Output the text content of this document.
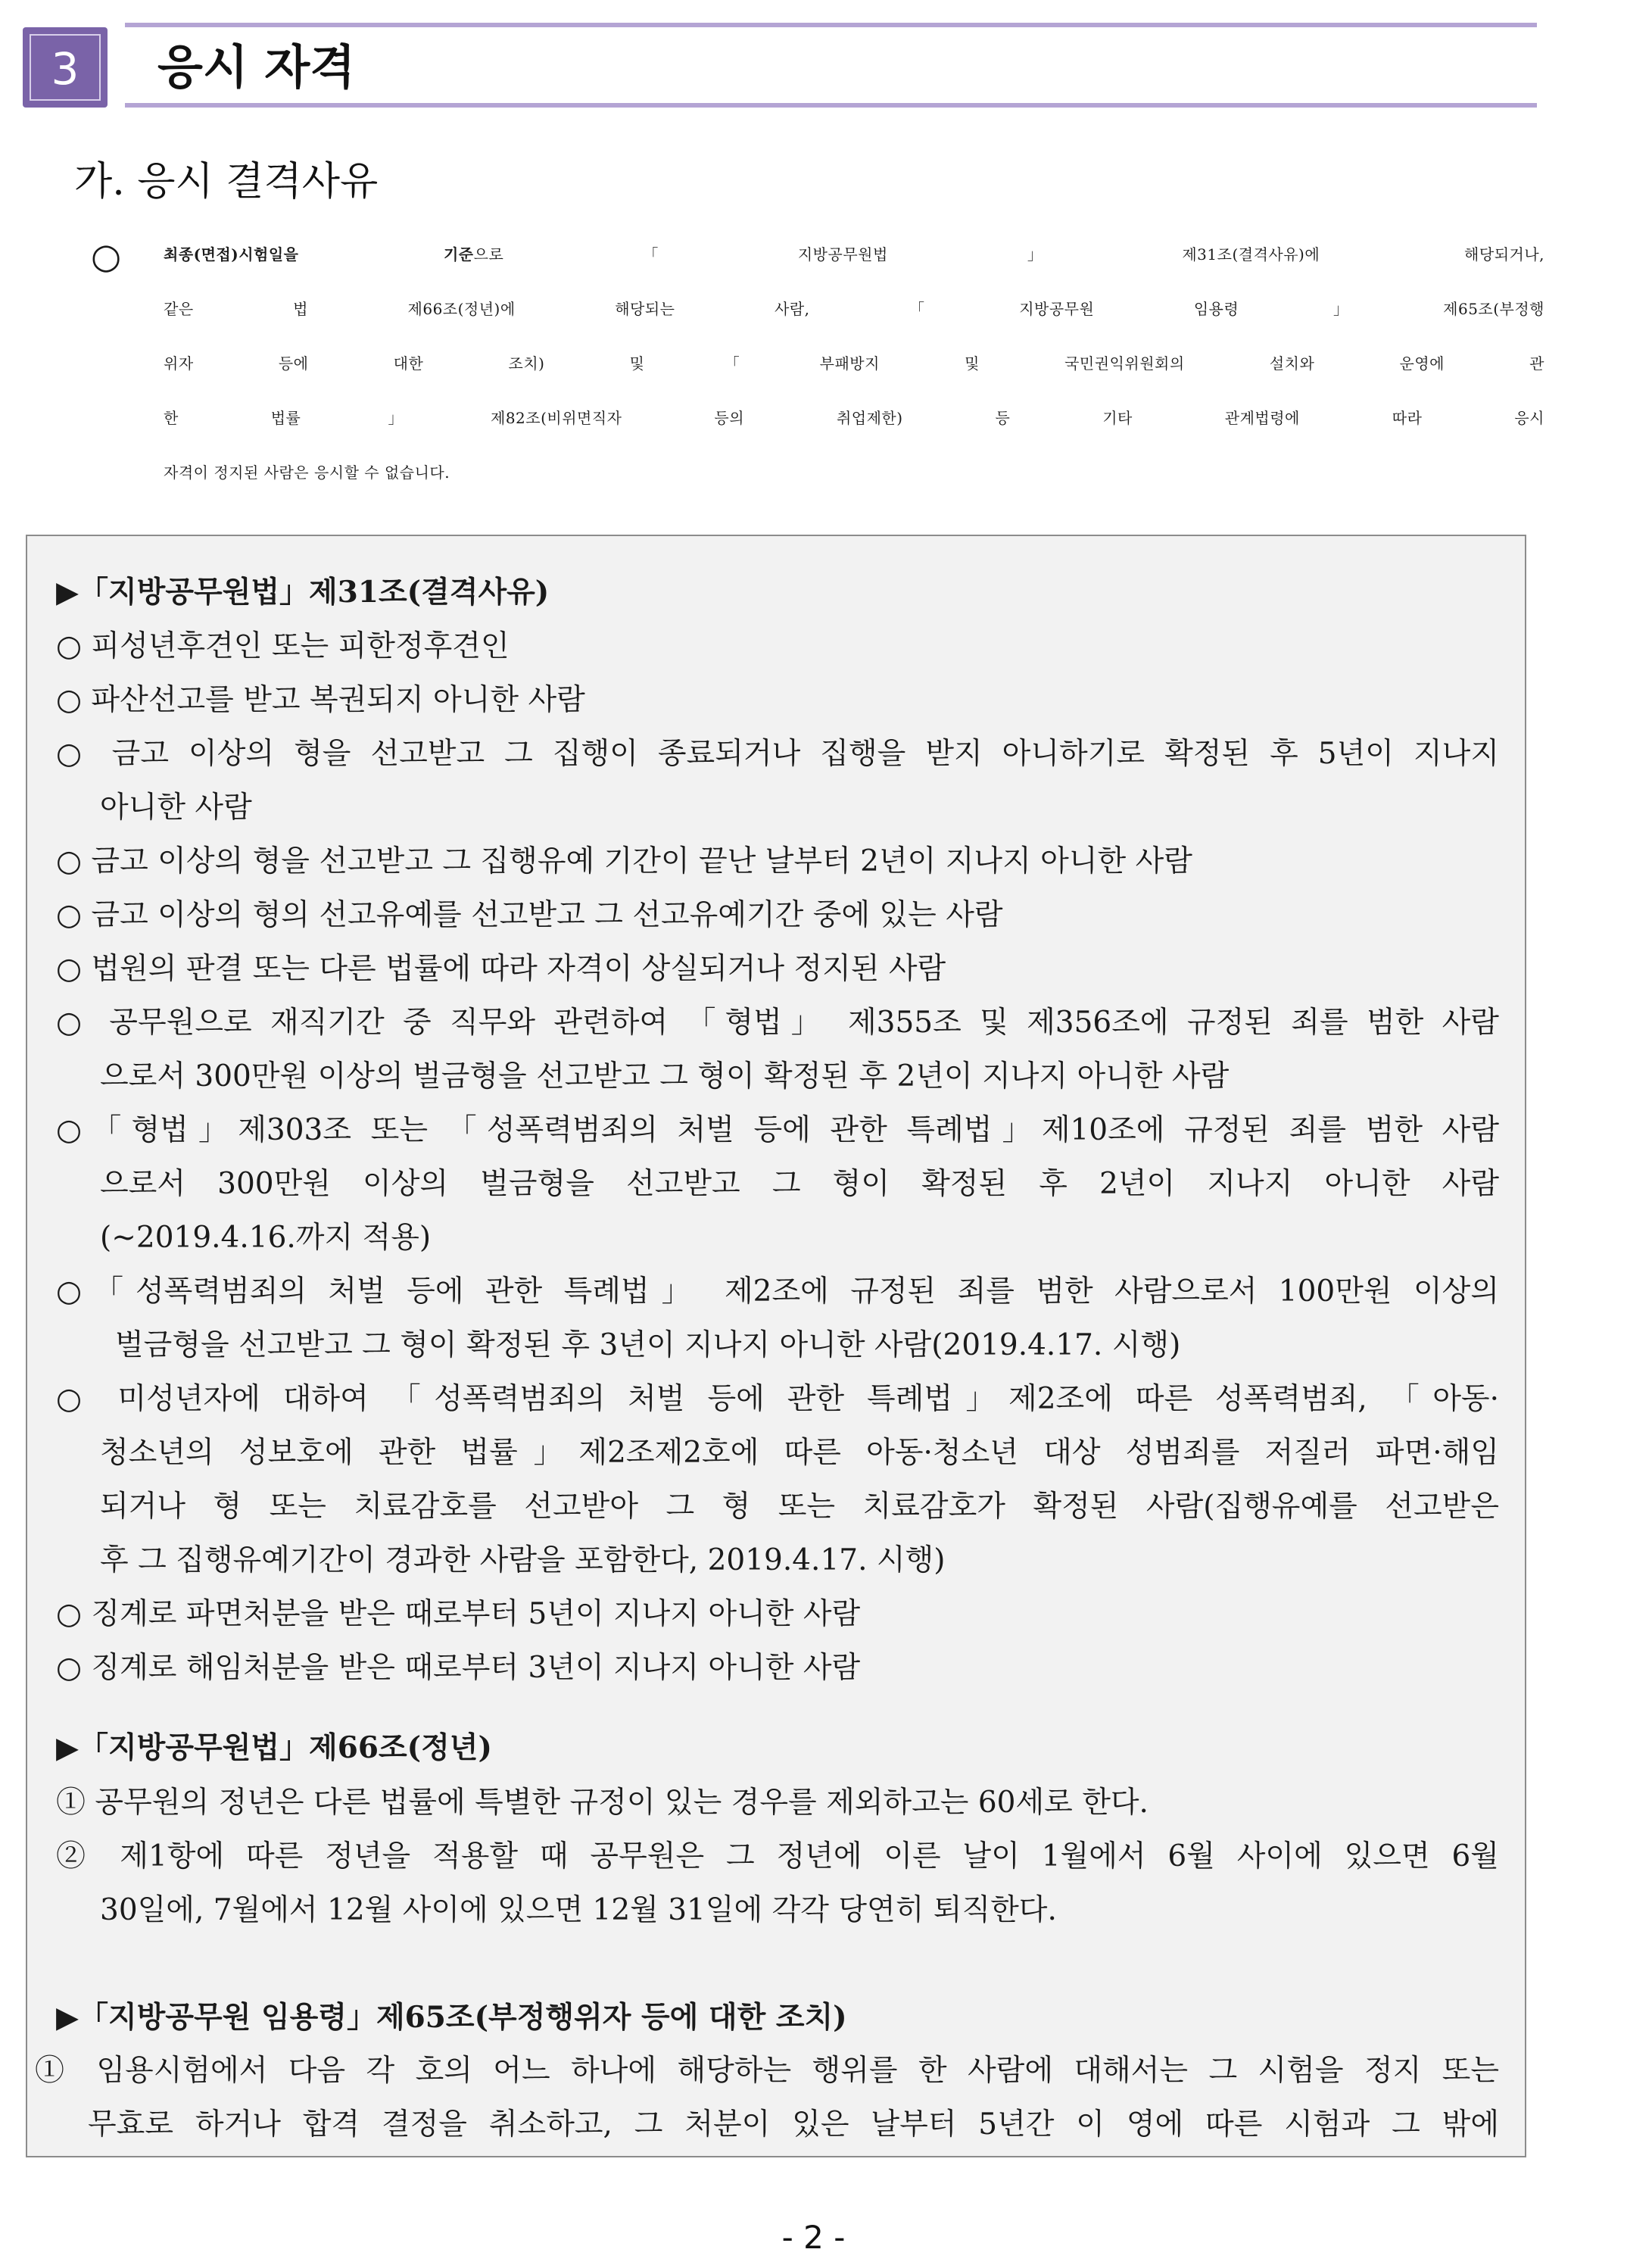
3	응시 자격
가. 응시 결격사유
○	최종(면접)시험일을 기준으로「지방공무원법」제31조(결격사유)에 해당되거나,
같은 법 제66조(정년)에 해당되는 사람, 「지방공무원 임용령」제65조(부정행
위자 등에 대한 조치) 및「부패방지 및 국민권익위원회의 설치와 운영에 관
한 법률」제82조(비위면직자 등의 취업제한) 등 기타 관계법령에 따라 응시
자격이 정지된 사람은 응시할 수 없습니다.
▶「지방공무원법」제31조(결격사유)
○ 피성년후견인 또는 피한정후견인
○ 파산선고를 받고 복권되지 아니한 사람
○ 금고 이상의 형을 선고받고 그 집행이 종료되거나 집행을 받지 아니하기로 확정된 후 5년이 지나지
아니한 사람
○ 금고 이상의 형을 선고받고 그 집행유예 기간이 끝난 날부터 2년이 지나지 아니한 사람
○ 금고 이상의 형의 선고유예를 선고받고 그 선고유예기간 중에 있는 사람
○ 법원의 판결 또는 다른 법률에 따라 자격이 상실되거나 정지된 사람
○ 공무원으로 재직기간 중 직무와 관련하여 「형법」 제355조 및 제356조에 규정된 죄를 범한 사람
으로서 300만원 이상의 벌금형을 선고받고 그 형이 확정된 후 2년이 지나지 아니한 사람
○「형법」제303조 또는 「성폭력범죄의 처벌 등에 관한 특례법」제10조에 규정된 죄를 범한 사람
으로서 300만원 이상의 벌금형을 선고받고 그 형이 확정된 후 2년이 지나지 아니한 사람
(~2019.4.16.까지 적용)
○「성폭력범죄의 처벌 등에 관한 특례법」 제2조에 규정된 죄를 범한 사람으로서 100만원 이상의
벌금형을 선고받고 그 형이 확정된 후 3년이 지나지 아니한 사람(2019.4.17. 시행)
○ 미성년자에 대하여 「성폭력범죄의 처벌 등에 관한 특례법」제2조에 따른 성폭력범죄, 「아동·
청소년의 성보호에 관한 법률」제2조제2호에 따른 아동·청소년 대상 성범죄를 저질러 파면·해임
되거나 형 또는 치료감호를 선고받아 그 형 또는 치료감호가 확정된 사람(집행유예를 선고받은
후 그 집행유예기간이 경과한 사람을 포함한다, 2019.4.17. 시행)
○ 징계로 파면처분을 받은 때로부터 5년이 지나지 아니한 사람
○ 징계로 해임처분을 받은 때로부터 3년이 지나지 아니한 사람
▶「지방공무원법」제66조(정년)
① 공무원의 정년은 다른 법률에 특별한 규정이 있는 경우를 제외하고는 60세로 한다.
② 제1항에 따른 정년을 적용할 때 공무원은 그 정년에 이른 날이 1월에서 6월 사이에 있으면 6월
30일에, 7월에서 12월 사이에 있으면 12월 31일에 각각 당연히 퇴직한다.
▶「지방공무원 임용령」제65조(부정행위자 등에 대한 조치)
① 임용시험에서 다음 각 호의 어느 하나에 해당하는 행위를 한 사람에 대해서는 그 시험을 정지 또는
무효로 하거나 합격 결정을 취소하고, 그 처분이 있은 날부터 5년간 이 영에 따른 시험과 그 밖에
- 2 -
